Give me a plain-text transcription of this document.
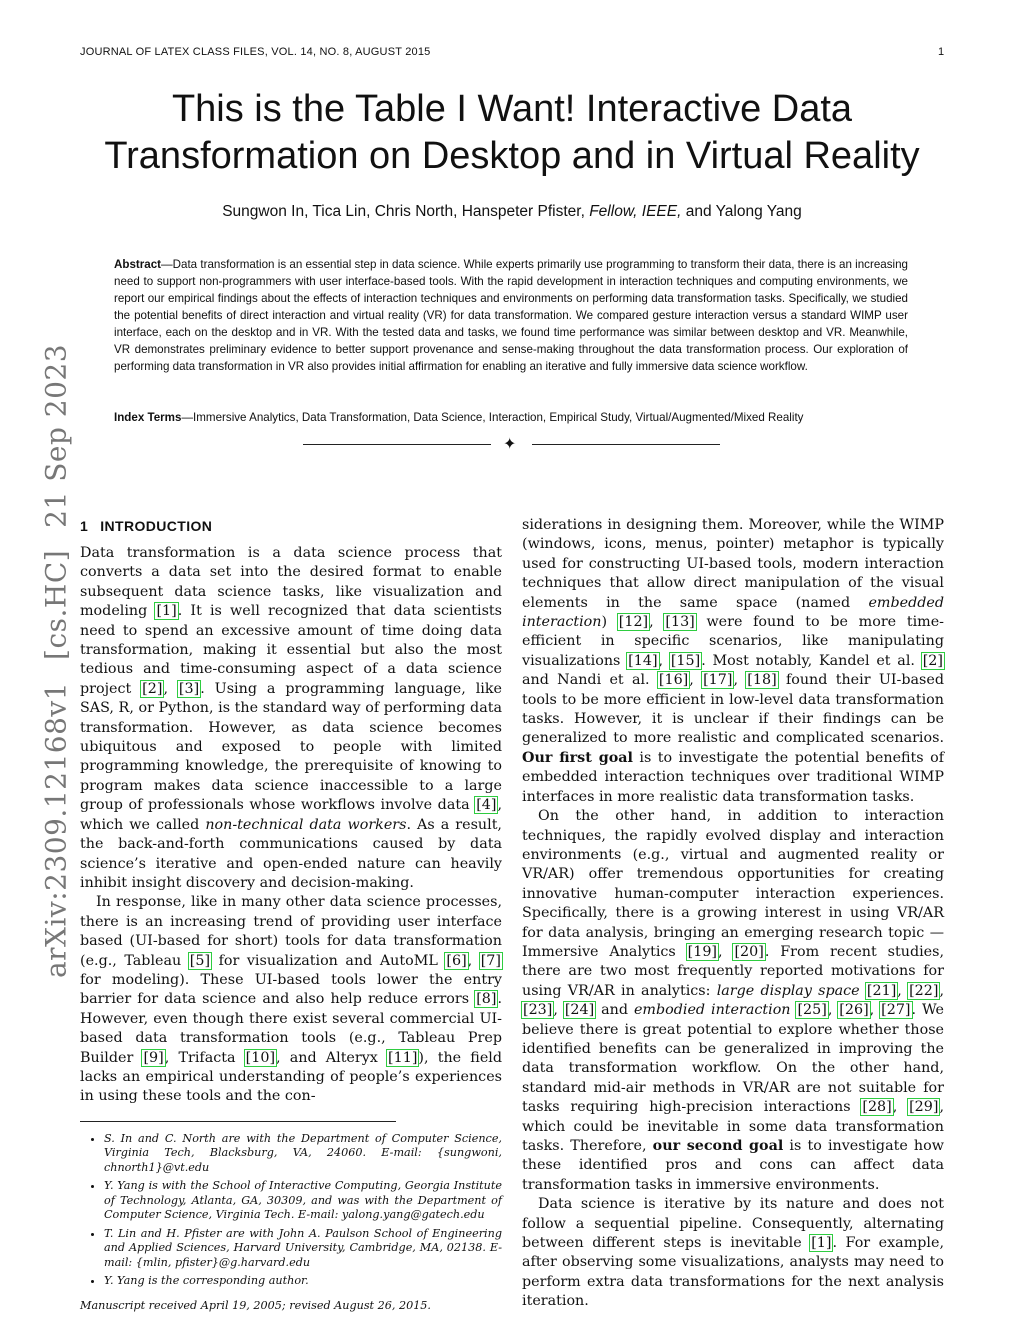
JOURNAL OF LATEX CLASS FILES, VOL. 14, NO. 8, AUGUST 2015	1
arXiv:2309.12168v1[cs.HC]21 Sep 2023
This is the Table I Want! Interactive Data
Transformation on Desktop and in Virtual Reality
Sungwon In, Tica Lin, Chris North, Hanspeter Pfister, Fellow, IEEE, and Yalong Yang
Abstract—Data transformation is an essential step in data science. While experts primarily use programming to transform their data, there is an increasing need to support non-programmers with user interface-based tools. With the rapid development in interaction techniques and computing environments, we report our empirical findings about the effects of interaction techniques and environments on performing data transformation tasks. Specifically, we studied the potential benefits of direct interaction and virtual reality (VR) for data transformation. We compared gesture interaction versus a standard WIMP user interface, each on the desktop and in VR. With the tested data and tasks, we found time performance was similar between desktop and VR. Meanwhile, VR demonstrates preliminary evidence to better support provenance and sense-making throughout the data transformation process. Our exploration of performing data transformation in VR also provides initial affirmation for enabling an iterative and fully immersive data science workflow.
Index Terms—Immersive Analytics, Data Transformation, Data Science, Interaction, Empirical Study, Virtual/Augmented/Mixed Reality
✦
1 INTRODUCTION

Data transformation is a data science process that converts a data set into the desired format to enable subsequent data science tasks, like visualization and modeling [1]. It is well recognized that data scientists need to spend an excessive amount of time doing data transformation, making it essential but also the most tedious and time-consuming aspect of a data science project [2], [3]. Using a programming language, like SAS, R, or Python, is the standard way of performing data transformation. However, as data science becomes ubiquitous and exposed to people with limited programming knowledge, the prerequisite of knowing to program makes data science inaccessible to a large group of professionals whose workflows involve data [4], which we called non-technical data workers. As a result, the back-and-forth communications caused by data science’s iterative and open-ended nature can heavily inhibit insight discovery and decision-making.

In response, like in many other data science processes, there is an increasing trend of providing user interface based (UI-based for short) tools for data transformation (e.g., Tableau [5] for visualization and AutoML [6], [7] for modeling). These UI-based tools lower the entry barrier for data science and also help reduce errors [8]. However, even though there exist several commercial UI-based data transformation tools (e.g., Tableau Prep Builder [9], Trifacta [10], and Alteryx [11]), the field lacks an empirical understanding of people’s experiences in using these tools and the con-

• S. In and C. North are with the Department of Computer Science, Virginia Tech, Blacksburg, VA, 24060. E-mail: {sungwoni, chnorth1}@vt.edu
• Y. Yang is with the School of Interactive Computing, Georgia Institute of Technology, Atlanta, GA, 30309, and was with the Department of Computer Science, Virginia Tech. E-mail: yalong.yang@gatech.edu
• T. Lin and H. Pfister are with John A. Paulson School of Engineering and Applied Sciences, Harvard University, Cambridge, MA, 02138. E-mail: {mlin, pfister}@g.harvard.edu
• Y. Yang is the corresponding author.
Manuscript received April 19, 2005; revised August 26, 2015.

siderations in designing them. Moreover, while the WIMP (windows, icons, menus, pointer) metaphor is typically used for constructing UI-based tools, modern interaction techniques that allow direct manipulation of the visual elements in the same space (named embedded interaction) [12], [13] were found to be more time-efficient in specific scenarios, like manipulating visualizations [14], [15]. Most notably, Kandel et al. [2] and Nandi et al. [16], [17], [18] found their UI-based tools to be more efficient in low-level data transformation tasks. However, it is unclear if their findings can be generalized to more realistic and complicated scenarios. Our first goal is to investigate the potential benefits of embedded interaction techniques over traditional WIMP interfaces in more realistic data transformation tasks.

On the other hand, in addition to interaction techniques, the rapidly evolved display and interaction environments (e.g., virtual and augmented reality or VR/AR) offer tremendous opportunities for creating innovative human-computer interaction experiences. Specifically, there is a growing interest in using VR/AR for data analysis, bringing an emerging research topic — Immersive Analytics [19], [20]. From recent studies, there are two most frequently reported motivations for using VR/AR in analytics: large display space [21], [22], [23], [24] and embodied interaction [25], [26], [27]. We believe there is great potential to explore whether those identified benefits can be generalized in improving the data transformation workflow. On the other hand, standard mid-air methods in VR/AR are not suitable for tasks requiring high-precision interactions [28], [29], which could be inevitable in some data transformation tasks. Therefore, our second goal is to investigate how these identified pros and cons can affect data transformation tasks in immersive environments.

Data science is iterative by its nature and does not follow a sequential pipeline. Consequently, alternating between different steps is inevitable [1]. For example, after observing some visualizations, analysts may need to perform extra data transformations for the next analysis iteration.
